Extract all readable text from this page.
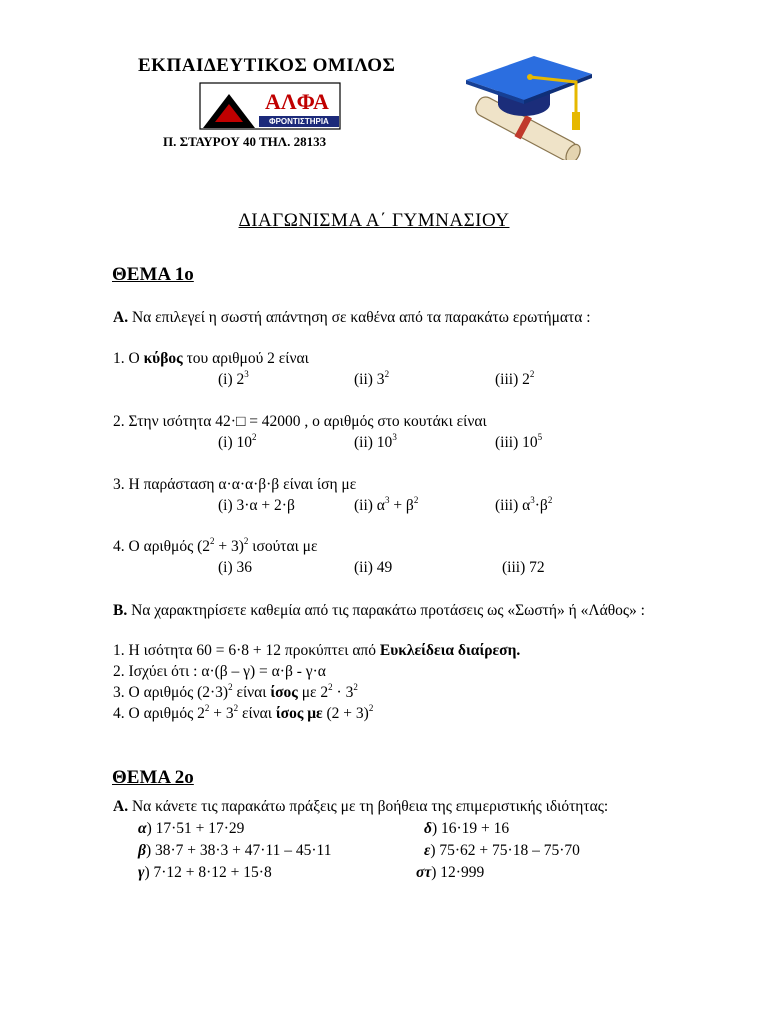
ΕΚΠΑΙΔΕΥΤΙΚΟΣ ΟΜΙΛΟΣ
ΑΛΦΑ
ΦΡΟΝΤΙΣΤΗΡΙΑ
Π. ΣΤΑΥΡΟΥ 40 ΤΗΛ. 28133
ΔΙΑΓΩΝΙΣΜΑ Α΄ ΓΥΜΝΑΣΙΟΥ
ΘΕΜΑ 1ο
Α. Να επιλεγεί η σωστή απάντηση σε καθένα από τα παρακάτω ερωτήματα :
1. Ο κύβος του αριθμού 2 είναι
(i) $2^3$	(ii) $3^2$	(iii) $2^2$
2. Στην ισότητα 42·□ = 42000 , ο αριθμός στο κουτάκι είναι
(i) $10^2$	(ii) $10^3$	(iii) $10^5$
3. Η παράσταση α·α·α·β·β είναι ίση με
(i) 3·α + 2·β	(ii) $\alpha^3 + \beta^2$	(iii) $\alpha^3\cdot\beta^2$
4. Ο αριθμός $(2^2 + 3)^2$ ισούται με
(i) 36	(ii) 49	(iii) 72
Β. Να χαρακτηρίσετε καθεμία από τις παρακάτω προτάσεις ως «Σωστή» ή «Λάθος» :
1. Η ισότητα 60 = 6·8 + 12 προκύπτει από Ευκλείδεια διαίρεση.
2. Ισχύει ότι : α·(β – γ) = α·β - γ·α
3. Ο αριθμός $(2\cdot 3)^2$ είναι ίσος με $2^2 \cdot 3^2$
4. Ο αριθμός $2^2 + 3^2$ είναι ίσος με $(2 + 3)^2$
ΘΕΜΑ 2ο
Α. Να κάνετε τις παρακάτω πράξεις με τη βοήθεια της επιμεριστικής ιδιότητας:
α) 17·51 + 17·29
β) 38·7 + 38·3 + 47·11 – 45·11
γ) 7·12 + 8·12 + 15·8
δ) 16·19 + 16
ε) 75·62 + 75·18 – 75·70
στ) 12·999
